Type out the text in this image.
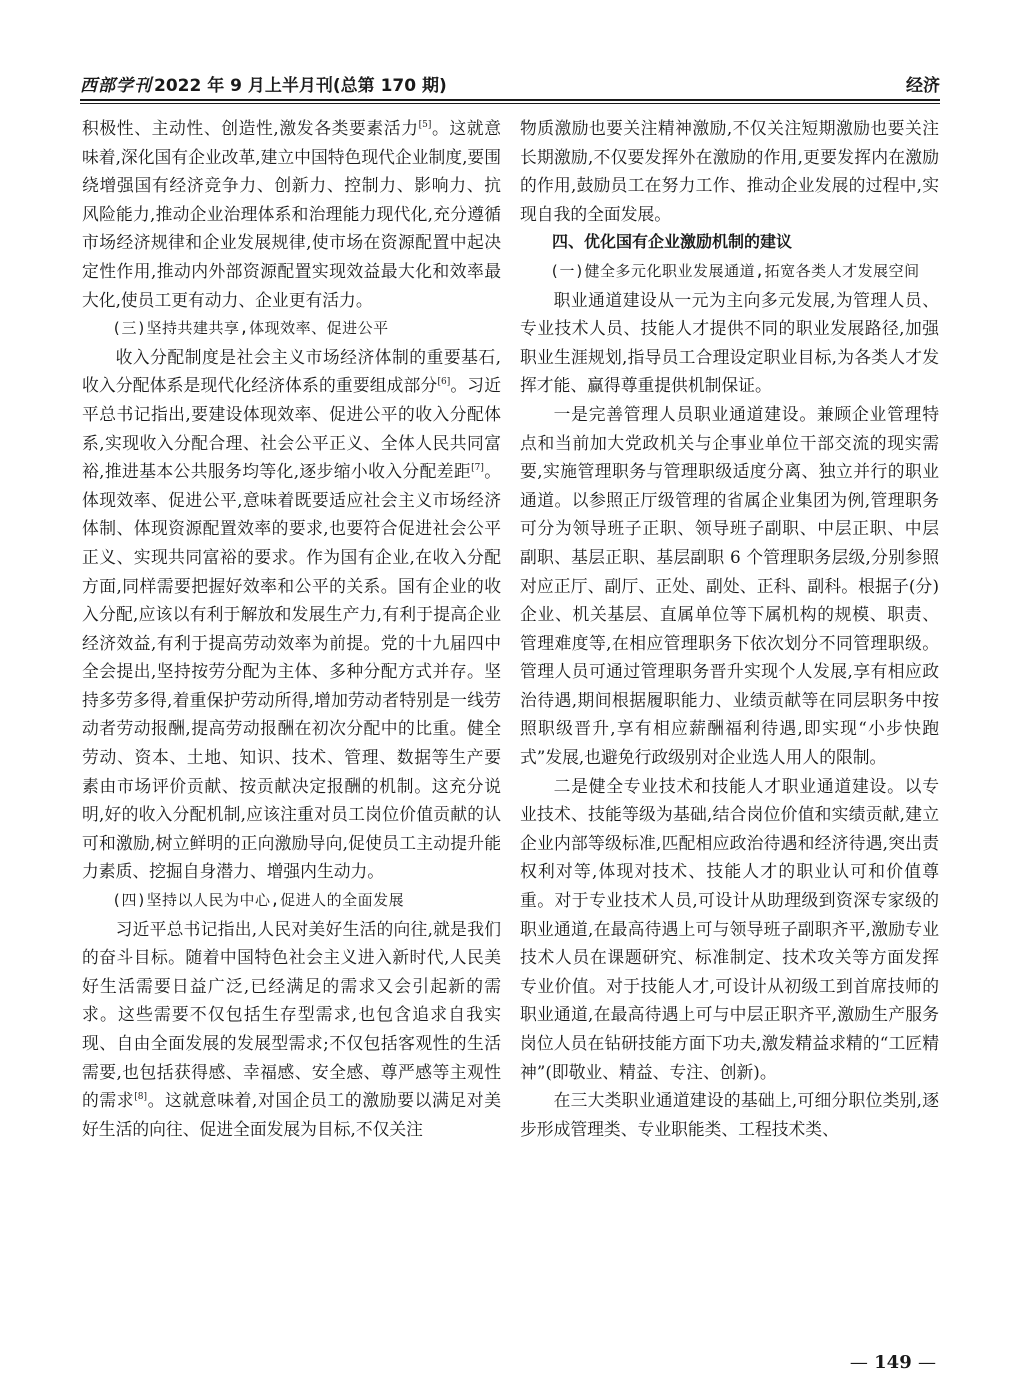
西部学刊 2022 年 9 月上半月刊(总第 170 期)	经济

积极性、主动性、创造性,激发各类要素活力[5]。这就意味着,深化国有企业改革,建立中国特色现代企业制度,要围绕增强国有经济竞争力、创新力、控制力、影响力、抗风险能力,推动企业治理体系和治理能力现代化,充分遵循市场经济规律和企业发展规律,使市场在资源配置中起决定性作用,推动内外部资源配置实现效益最大化和效率最大化,使员工更有动力、企业更有活力。

(三)坚持共建共享,体现效率、促进公平

收入分配制度是社会主义市场经济体制的重要基石,收入分配体系是现代化经济体系的重要组成部分[6]。习近平总书记指出,要建设体现效率、促进公平的收入分配体系,实现收入分配合理、社会公平正义、全体人民共同富裕,推进基本公共服务均等化,逐步缩小收入分配差距[7]。体现效率、促进公平,意味着既要适应社会主义市场经济体制、体现资源配置效率的要求,也要符合促进社会公平正义、实现共同富裕的要求。作为国有企业,在收入分配方面,同样需要把握好效率和公平的关系。国有企业的收入分配,应该以有利于解放和发展生产力,有利于提高企业经济效益,有利于提高劳动效率为前提。党的十九届四中全会提出,坚持按劳分配为主体、多种分配方式并存。坚持多劳多得,着重保护劳动所得,增加劳动者特别是一线劳动者劳动报酬,提高劳动报酬在初次分配中的比重。健全劳动、资本、土地、知识、技术、管理、数据等生产要素由市场评价贡献、按贡献决定报酬的机制。这充分说明,好的收入分配机制,应该注重对员工岗位价值贡献的认可和激励,树立鲜明的正向激励导向,促使员工主动提升能力素质、挖掘自身潜力、增强内生动力。

(四)坚持以人民为中心,促进人的全面发展

习近平总书记指出,人民对美好生活的向往,就是我们的奋斗目标。随着中国特色社会主义进入新时代,人民美好生活需要日益广泛,已经满足的需求又会引起新的需求。这些需要不仅包括生存型需求,也包含追求自我实现、自由全面发展的发展型需求;不仅包括客观性的生活需要,也包括获得感、幸福感、安全感、尊严感等主观性的需求[8]。这就意味着,对国企员工的激励要以满足对美好生活的向往、促进全面发展为目标,不仅关注

物质激励也要关注精神激励,不仅关注短期激励也要关注长期激励,不仅要发挥外在激励的作用,更要发挥内在激励的作用,鼓励员工在努力工作、推动企业发展的过程中,实现自我的全面发展。

四、优化国有企业激励机制的建议

(一)健全多元化职业发展通道,拓宽各类人才发展空间

职业通道建设从一元为主向多元发展,为管理人员、专业技术人员、技能人才提供不同的职业发展路径,加强职业生涯规划,指导员工合理设定职业目标,为各类人才发挥才能、赢得尊重提供机制保证。

一是完善管理人员职业通道建设。兼顾企业管理特点和当前加大党政机关与企事业单位干部交流的现实需要,实施管理职务与管理职级适度分离、独立并行的职业通道。以参照正厅级管理的省属企业集团为例,管理职务可分为领导班子正职、领导班子副职、中层正职、中层副职、基层正职、基层副职 6 个管理职务层级,分别参照对应正厅、副厅、正处、副处、正科、副科。根据子(分)企业、机关基层、直属单位等下属机构的规模、职责、管理难度等,在相应管理职务下依次划分不同管理职级。管理人员可通过管理职务晋升实现个人发展,享有相应政治待遇,期间根据履职能力、业绩贡献等在同层职务中按照职级晋升,享有相应薪酬福利待遇,即实现“小步快跑式”发展,也避免行政级别对企业选人用人的限制。

二是健全专业技术和技能人才职业通道建设。以专业技术、技能等级为基础,结合岗位价值和实绩贡献,建立企业内部等级标准,匹配相应政治待遇和经济待遇,突出责权利对等,体现对技术、技能人才的职业认可和价值尊重。对于专业技术人员,可设计从助理级到资深专家级的职业通道,在最高待遇上可与领导班子副职齐平,激励专业技术人员在课题研究、标准制定、技术攻关等方面发挥专业价值。对于技能人才,可设计从初级工到首席技师的职业通道,在最高待遇上可与中层正职齐平,激励生产服务岗位人员在钻研技能方面下功夫,激发精益求精的“工匠精神”(即敬业、精益、专注、创新)。

在三大类职业通道建设的基础上,可细分职位类别,逐步形成管理类、专业职能类、工程技术类、

— 149 —
